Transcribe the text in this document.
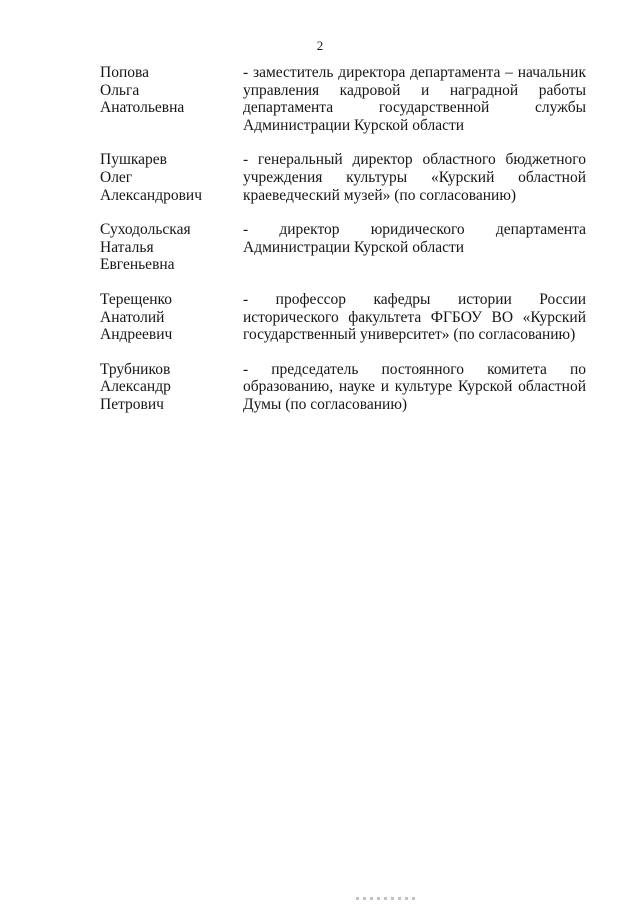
2
Попова
Ольга
Анатольевна
- заместитель директора департамента – начальник управления кадровой и наградной работы департамента государственной службы Администрации Курской области
Пушкарев
Олег
Александрович
- генеральный директор областного бюджетного учреждения культуры «Курский областной краеведческий музей» (по согласованию)
Суходольская
Наталья
Евгеньевна
- директор юридического департамента Администрации Курской области
Терещенко
Анатолий
Андреевич
- профессор кафедры истории России исторического факультета ФГБОУ ВО «Курский государственный университет» (по согласованию)
Трубников
Александр
Петрович
- председатель постоянного комитета по образованию, науке и культуре Курской областной Думы (по согласованию)
